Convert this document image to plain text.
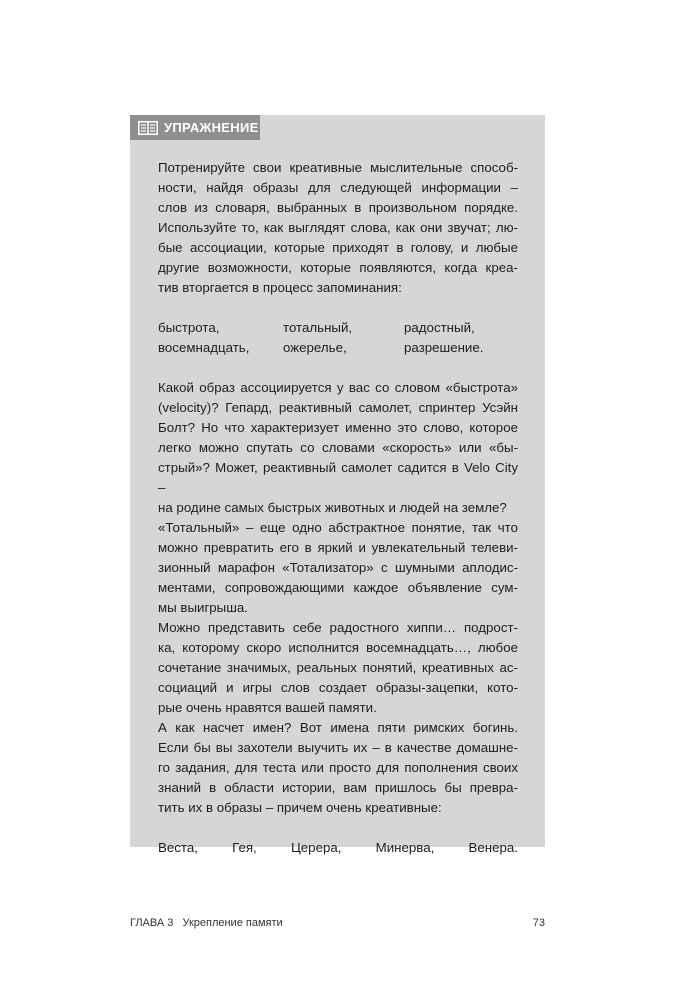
УПРАЖНЕНИЕ

Потренируйте свои креативные мыслительные способ-

ности, найдя образы для следующей информации –

слов из словаря, выбранных в произвольном порядке.

Используйте то, как выглядят слова, как они звучат; лю-

бые ассоциации, которые приходят в голову, и любые

другие возможности, которые появляются, когда креа-

тив вторгается в процесс запоминания:

быстрота,	тотальный,	радостный,
восемнадцать,	ожерелье,	разрешение.

Какой образ ассоциируется у вас со словом «быстрота»

(velocity)? Гепард, реактивный самолет, спринтер Усэйн

Болт? Но что характеризует именно это слово, которое

легко можно спутать со словами «скорость» или «бы-

стрый»? Может, реактивный самолет садится в Velo City –

на родине самых быстрых животных и людей на земле?

«Тотальный» – еще одно абстрактное понятие, так что

можно превратить его в яркий и увлекательный телеви-

зионный марафон «Тотализатор» с шумными аплодис-

ментами, сопровождающими каждое объявление сум-

мы выигрыша.

Можно представить себе радостного хиппи… подрост-

ка, которому скоро исполнится восемнадцать…, любое

сочетание значимых, реальных понятий, креативных ас-

социаций и игры слов создает образы-зацепки, кото-

рые очень нравятся вашей памяти.

А как насчет имен? Вот имена пяти римских богинь.

Если бы вы захотели выучить их – в качестве домашне-

го задания, для теста или просто для пополнения своих

знаний в области истории, вам пришлось бы превра-

тить их в образы – причем очень креативные:

Веста,	Гея,	Церера,	Минерва,	Венера.
ГЛАВА 3 Укрепление памяти	73
